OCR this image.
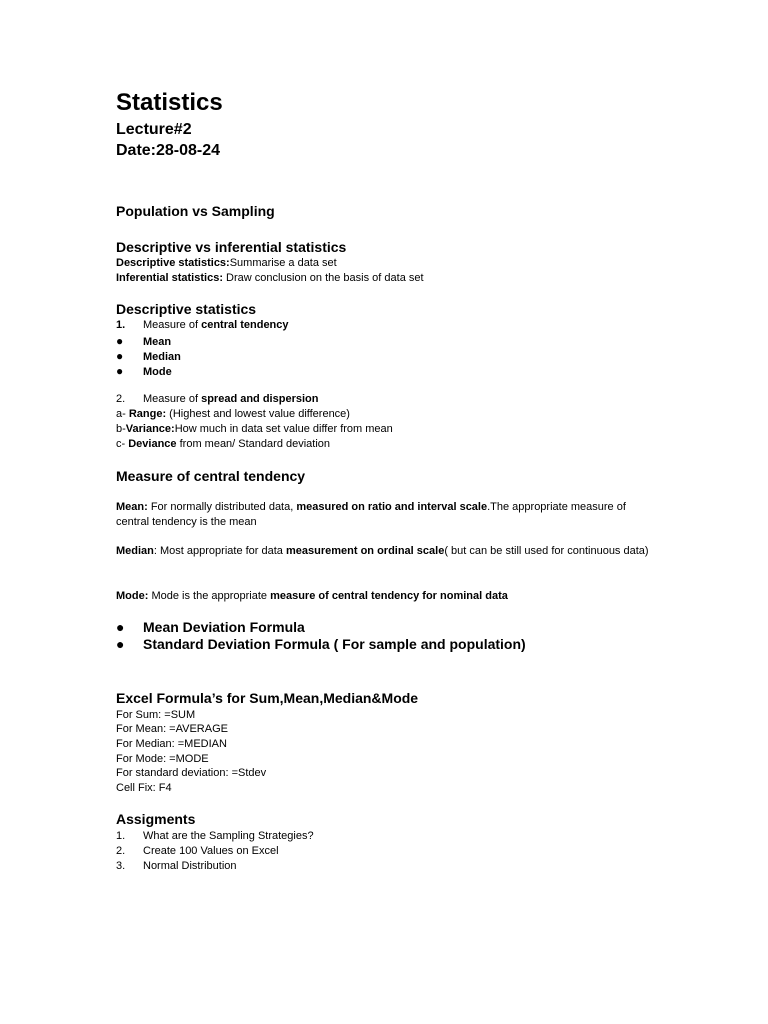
Statistics
Lecture#2
Date:28-08-24
Population vs Sampling
Descriptive vs inferential statistics
Descriptive statistics:Summarise a data set
Inferential statistics: Draw conclusion on the basis of data set
Descriptive statistics
1. Measure of central tendency
● Mean
● Median
● Mode
2. Measure of spread and dispersion
a- Range: (Highest and lowest value difference)
b-Variance:How much in data set value differ from mean
c- Deviance from mean/ Standard deviation
Measure of central tendency
Mean: For normally distributed data, measured on ratio and interval scale.The appropriate measure of central tendency is the mean
Median: Most appropriate for data measurement on ordinal scale( but can be still used for continuous data)
Mode: Mode is the appropriate measure of central tendency for nominal data
● Mean Deviation Formula
● Standard Deviation Formula ( For sample and population)
Excel Formula’s for Sum,Mean,Median&Mode
For Sum: =SUM
For Mean: =AVERAGE
For Median: =MEDIAN
For Mode: =MODE
For standard deviation: =Stdev
Cell Fix: F4
Assigments
1. What are the Sampling Strategies?
2. Create 100 Values on Excel
3. Normal Distribution
